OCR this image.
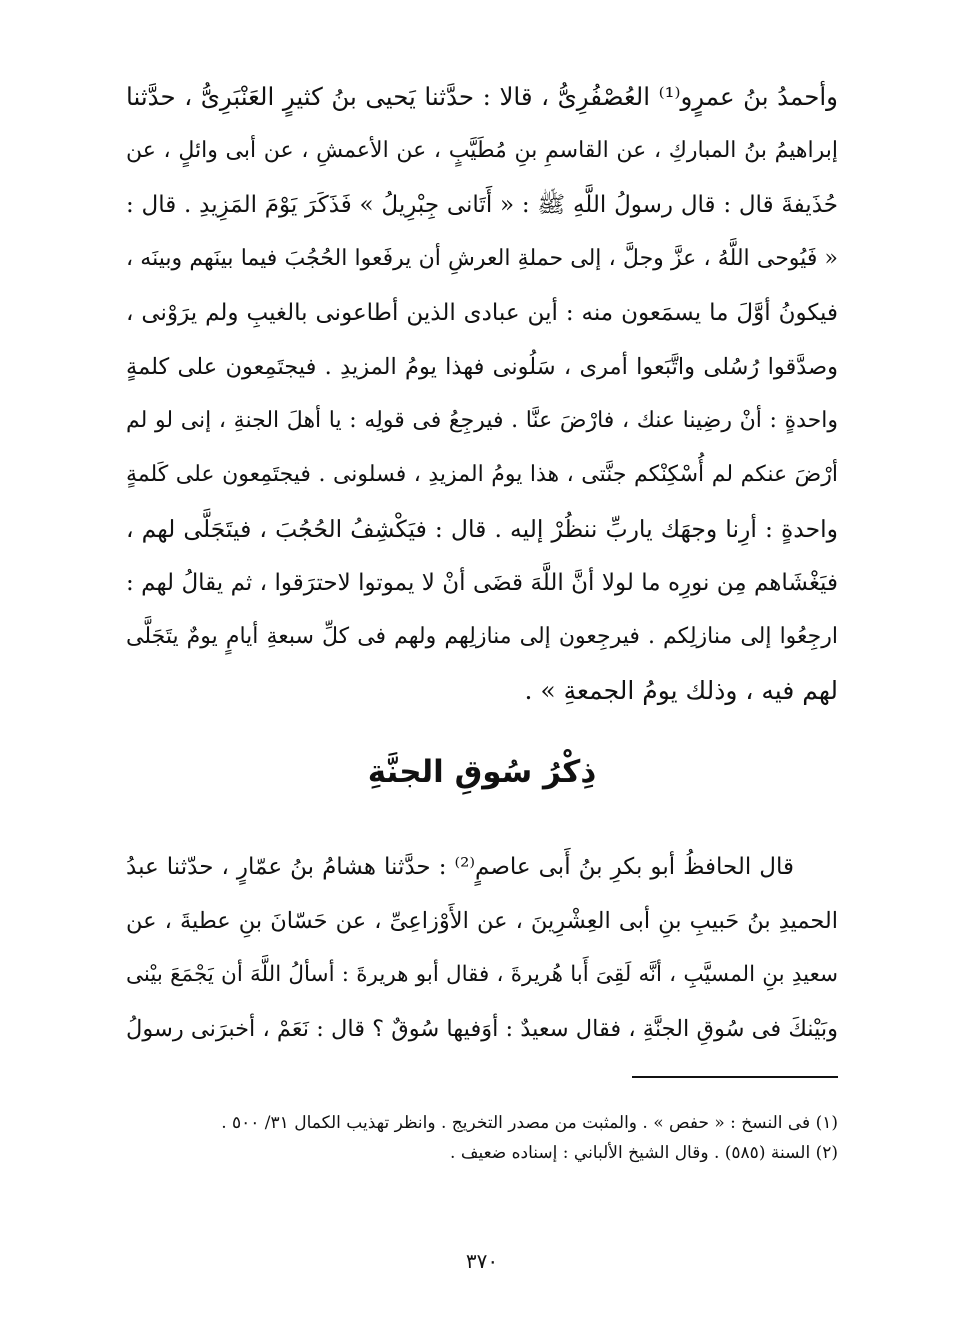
وأحمدُ بنُ عمرٍو⁽¹⁾ العُصْفُرِىُّ ، قالا : حدَّثنا يَحيى بنُ كثيرٍ العَنْبَرِىُّ ، حدَّثنا
إبراهيمُ بنُ المباركِ ، عن القاسمِ بنِ مُطَيَّبٍ ، عن الأعمشِ ، عن أبى وائلٍ ، عن
حُذَيفةَ قال : قال رسولُ اللَّهِ ﷺ : « أَتَانى جِبْرِيلُ » فَذَكَرَ يَوْمَ المَزِيدِ . قال :
« فَيُوحى اللَّهُ ، عزَّ وجلَّ ، إلى حملةِ العرشِ أن يرفَعوا الحُجُبَ فيما بينَهم وبينَه ،
فيكونُ أوَّلَ ما يسمَعون منه : أين عبادى الذين أطاعونى بالغيبِ ولم يرَوْنى ،
وصدَّقوا رُسُلى واتَّبَعوا أمرى ، سَلُونى فهذا يومُ المزيدِ . فيجتَمِعون على كلمةٍ
واحدةٍ : أنْ رضِينا عنك ، فارْضَ عنَّا . فيرجِعُ فى قولِه : يا أهلَ الجنةِ ، إنى لو لم
أرْضَ عنكم لم أُسْكِنْكم جنَّتى ، هذا يومُ المزيدِ ، فسلونى . فيجتَمِعون على كَلمةٍ
واحدةٍ : أرِنا وجهَك ياربِّ ننظُرْ إليه . قال : فيَكْشِفُ الحُجُبَ ، فيتَجَلَّى لهم ،
فيَغْشَاهم مِن نورِه ما لولا أنَّ اللَّهَ قضَى أنْ لا يموتوا لاحترَقوا ، ثم يقالُ لهم :
ارجِعُوا إلى منازلِكم . فيرجِعون إلى منازلِهم ولهم فى كلِّ سبعةِ أيامٍ يومٌ يتَجَلَّى
لهم فيه ، وذلك يومُ الجمعةِ » .
ذِكْرُ سُوقِ الجنَّةِ
قال الحافظُ أبو بكرِ بنُ أَبى عاصمٍ⁽²⁾ : حدَّثنا هشامُ بنُ عمّارٍ ، حدّثنا عبدُ
الحميدِ بنُ حَبيبِ بنِ أبى العِشْرِينَ ، عن الأَوْزاعِىِّ ، عن حَسّانَ بنِ عطيةَ ، عن
سعيدِ بنِ المسيَّبِ ، أنَّه لَقِىَ أَبا هُريرةَ ، فقال أبو هريرةَ : أسألُ اللَّهَ أن يَجْمَعَ بيْنى
وبَيْنكَ فى سُوقِ الجنَّةِ ، فقال سعيدٌ : أوَفيها سُوقٌ ؟ قال : نَعَمْ ، أخبرَنى رسولُ
(١) فى النسخ : « حفص » . والمثبت من مصدر التخريج . وانظر تهذيب الكمال ٣١/ ٥٠٠ .
(٢) السنة (٥٨٥) . وقال الشيخ الألباني : إسناده ضعيف .
٣٧٠
